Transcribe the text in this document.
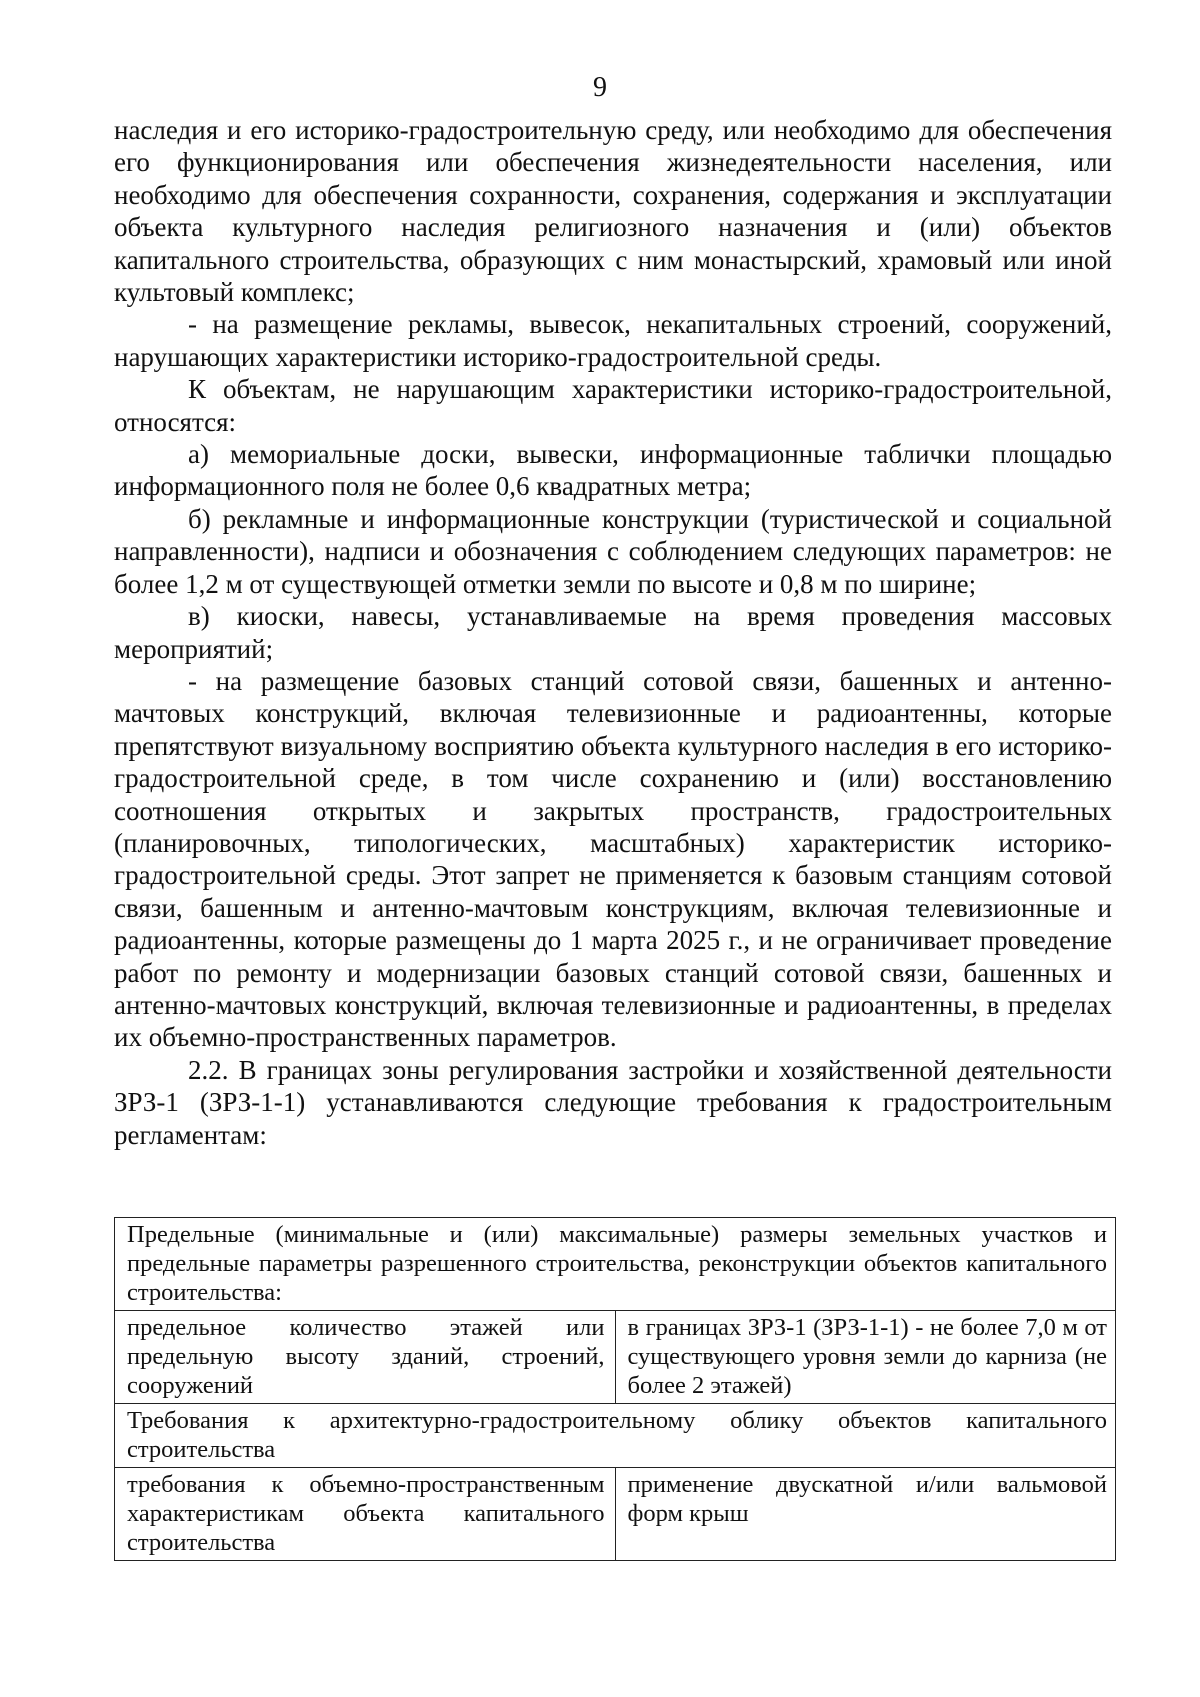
9

наследия и его историко-градостроительную среду, или необходимо для обеспечения его функционирования или обеспечения жизнедеятельности населения, или необходимо для обеспечения сохранности, сохранения, содержания и эксплуатации объекта культурного наследия религиозного назначения и (или) объектов капитального строительства, образующих с ним монастырский, храмовый или иной культовый комплекс;

- на размещение рекламы, вывесок, некапитальных строений, сооружений, нарушающих характеристики историко-градостроительной среды.

К объектам, не нарушающим характеристики историко-градостроительной, относятся:

а) мемориальные доски, вывески, информационные таблички площадью информационного поля не более 0,6 квадратных метра;

б) рекламные и информационные конструкции (туристической и социальной направленности), надписи и обозначения с соблюдением следующих параметров: не более 1,2 м от существующей отметки земли по высоте и 0,8 м по ширине;

в) киоски, навесы, устанавливаемые на время проведения массовых мероприятий;

- на размещение базовых станций сотовой связи, башенных и антенно-мачтовых конструкций, включая телевизионные и радиоантенны, которые препятствуют визуальному восприятию объекта культурного наследия в его историко-градостроительной среде, в том числе сохранению и (или) восстановлению соотношения открытых и закрытых пространств, градостроительных (планировочных, типологических, масштабных) характеристик историко-градостроительной среды. Этот запрет не применяется к базовым станциям сотовой связи, башенным и антенно-мачтовым конструкциям, включая телевизионные и радиоантенны, которые размещены до 1 марта 2025 г., и не ограничивает проведение работ по ремонту и модернизации базовых станций сотовой связи, башенных и антенно-мачтовых конструкций, включая телевизионные и радиоантенны, в пределах их объемно-пространственных параметров.

2.2. В границах зоны регулирования застройки и хозяйственной деятельности ЗРЗ-1 (ЗРЗ-1-1) устанавливаются следующие требования к градостроительным регламентам:

Предельные (минимальные и (или) максимальные) размеры земельных участков и предельные параметры разрешенного строительства, реконструкции объектов капитального строительства:	
предельное количество этажей или предельную высоту зданий, строений, сооружений	в границах ЗРЗ-1 (ЗРЗ-1-1) - не более 7,0 м от существующего уровня земли до карниза (не более 2 этажей)
Требования к архитектурно-градостроительному облику объектов капитального строительства	
требования к объемно-пространственным характеристикам объекта капитального строительства	применение двускатной и/или вальмовой форм крыш
